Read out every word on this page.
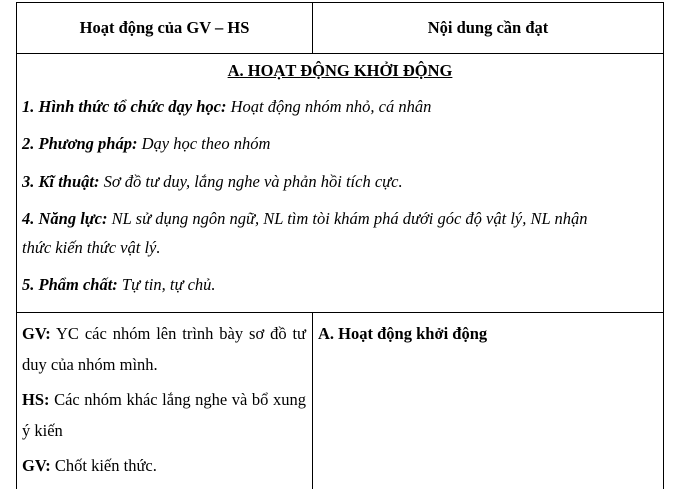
Hoạt động của GV – HS	Nội dung cần đạt
A. HOẠT ĐỘNG KHỞI ĐỘNG
1. Hình thức tổ chức dạy học: Hoạt động nhóm nhỏ, cá nhân
2. Phương pháp: Dạy học theo nhóm
3. Kĩ thuật: Sơ đồ tư duy, lắng nghe và phản hồi tích cực.
4. Năng lực: NL sử dụng ngôn ngữ, NL tìm tòi khám phá dưới góc độ vật lý, NL nhận
thức kiến thức vật lý.
5. Phẩm chất: Tự tin, tự chủ.

GV: YC các nhóm lên trình bày sơ đồ tư duy của nhóm mình.

HS: Các nhóm khác lắng nghe và bổ xung ý kiến

GV: Chốt kiến thức.

A. Hoạt động khởi động
